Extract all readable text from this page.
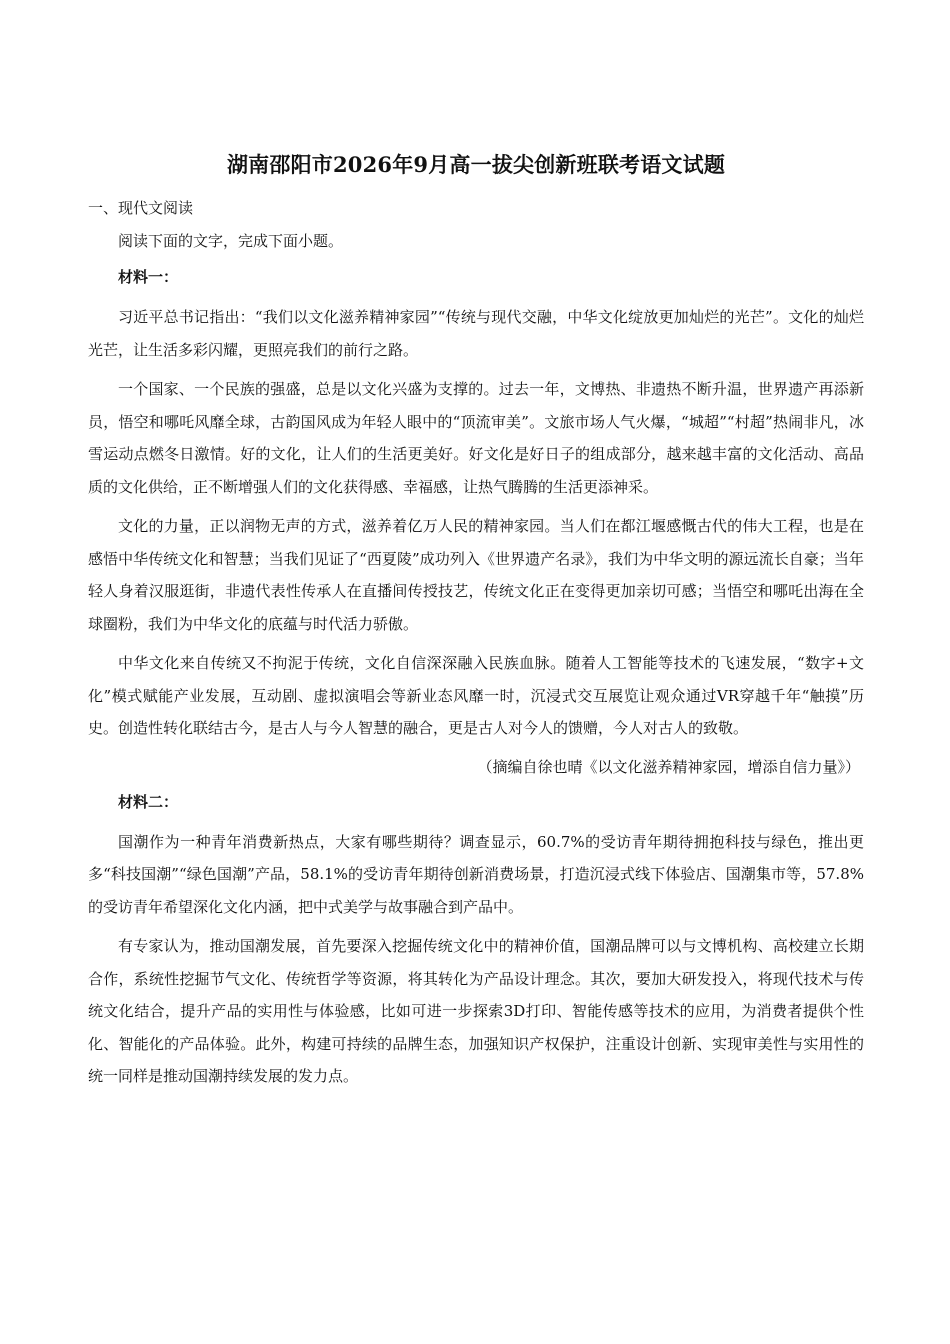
湖南邵阳市2026年9月高一拔尖创新班联考语文试题
一、现代文阅读

阅读下面的文字，完成下面小题。

材料一：

习近平总书记指出：“我们以文化滋养精神家园”“传统与现代交融，中华文化绽放更加灿烂的光芒”。文化的灿烂光芒，让生活多彩闪耀，更照亮我们的前行之路。

一个国家、一个民族的强盛，总是以文化兴盛为支撑的。过去一年，文博热、非遗热不断升温，世界遗产再添新员，悟空和哪吒风靡全球，古韵国风成为年轻人眼中的“顶流审美”。文旅市场人气火爆，“城超”“村超”热闹非凡，冰雪运动点燃冬日激情。好的文化，让人们的生活更美好。好文化是好日子的组成部分，越来越丰富的文化活动、高品质的文化供给，正不断增强人们的文化获得感、幸福感，让热气腾腾的生活更添神采。

文化的力量，正以润物无声的方式，滋养着亿万人民的精神家园。当人们在都江堰感慨古代的伟大工程，也是在感悟中华传统文化和智慧；当我们见证了“西夏陵”成功列入《世界遗产名录》，我们为中华文明的源远流长自豪；当年轻人身着汉服逛街，非遗代表性传承人在直播间传授技艺，传统文化正在变得更加亲切可感；当悟空和哪吒出海在全球圈粉，我们为中华文化的底蕴与时代活力骄傲。

中华文化来自传统又不拘泥于传统，文化自信深深融入民族血脉。随着人工智能等技术的飞速发展，“数字+文化”模式赋能产业发展，互动剧、虚拟演唱会等新业态风靡一时，沉浸式交互展览让观众通过VR穿越千年“触摸”历史。创造性转化联结古今，是古人与今人智慧的融合，更是古人对今人的馈赠，今人对古人的致敬。

（摘编自徐也晴《以文化滋养精神家园，增添自信力量》）
材料二：

国潮作为一种青年消费新热点，大家有哪些期待？调查显示，60.7%的受访青年期待拥抱科技与绿色，推出更多“科技国潮”“绿色国潮”产品，58.1%的受访青年期待创新消费场景，打造沉浸式线下体验店、国潮集市等，57.8%的受访青年希望深化文化内涵，把中式美学与故事融合到产品中。

有专家认为，推动国潮发展，首先要深入挖掘传统文化中的精神价值，国潮品牌可以与文博机构、高校建立长期合作，系统性挖掘节气文化、传统哲学等资源，将其转化为产品设计理念。其次，要加大研发投入，将现代技术与传统文化结合，提升产品的实用性与体验感，比如可进一步探索3D打印、智能传感等技术的应用，为消费者提供个性化、智能化的产品体验。此外，构建可持续的品牌生态，加强知识产权保护，注重设计创新、实现审美性与实用性的统一同样是推动国潮持续发展的发力点。
